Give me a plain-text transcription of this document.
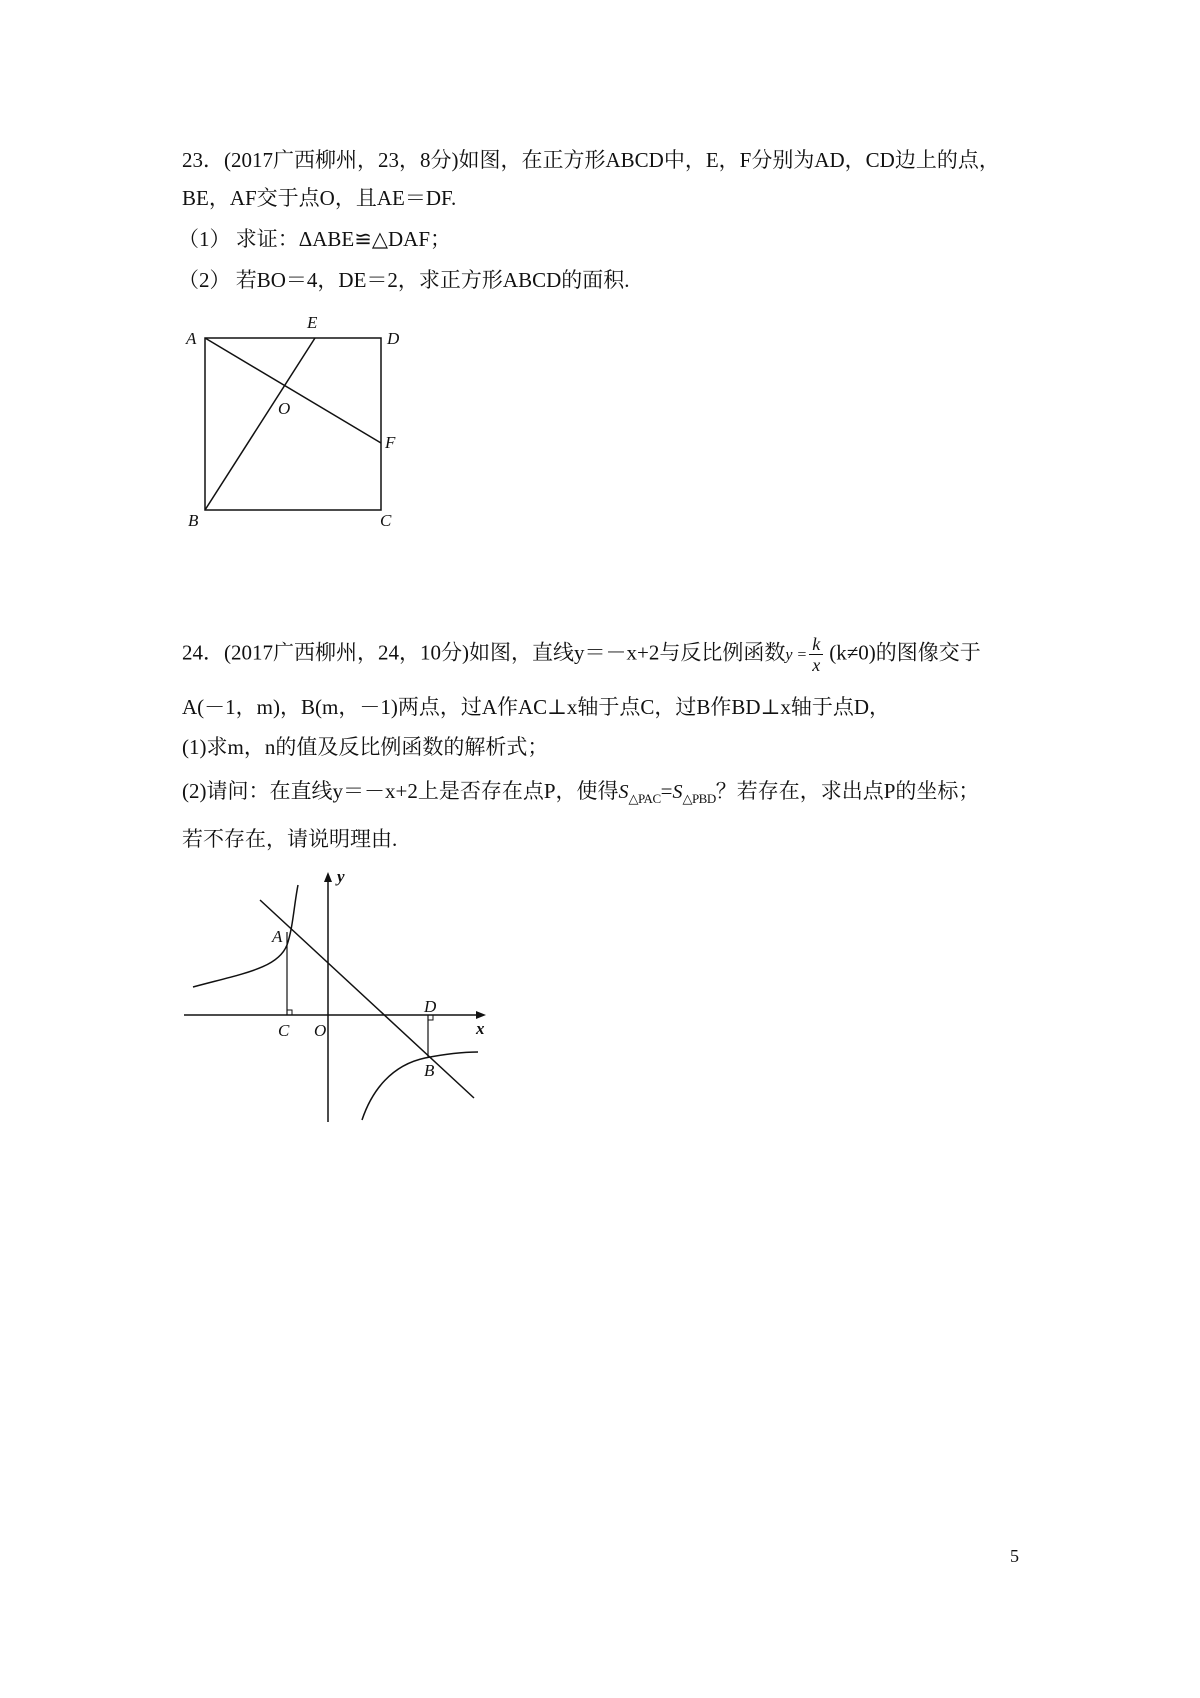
23．(2017广西柳州，23，8分)如图，在正方形ABCD中，E，F分别为AD，CD边上的点，
BE，AF交于点O，且AE＝DF.
（1） 求证：ΔABE≌△DAF；
（2） 若BO＝4，DE＝2，求正方形ABCD的面积.
A
E
D
O
F
B	C
24．(2017广西柳州，24，10分)如图，直线y＝－x+2与反比例函数$y = \frac{k}{x} (k\ne 0)$的图像交于
A(－1，m)，B(m，－1)两点，过A作AC⊥x轴于点C，过B作BD⊥x轴于点D，
(1)求m，n的值及反比例函数的解析式；
(2)请问：在直线y＝－x+2上是否存在点P，使得$S_{\triangle PAC}=S_{\triangle PBD}$？若存在，求出点P的坐标；
若不存在，请说明理由.
y
x
A
C O
D
B
5
